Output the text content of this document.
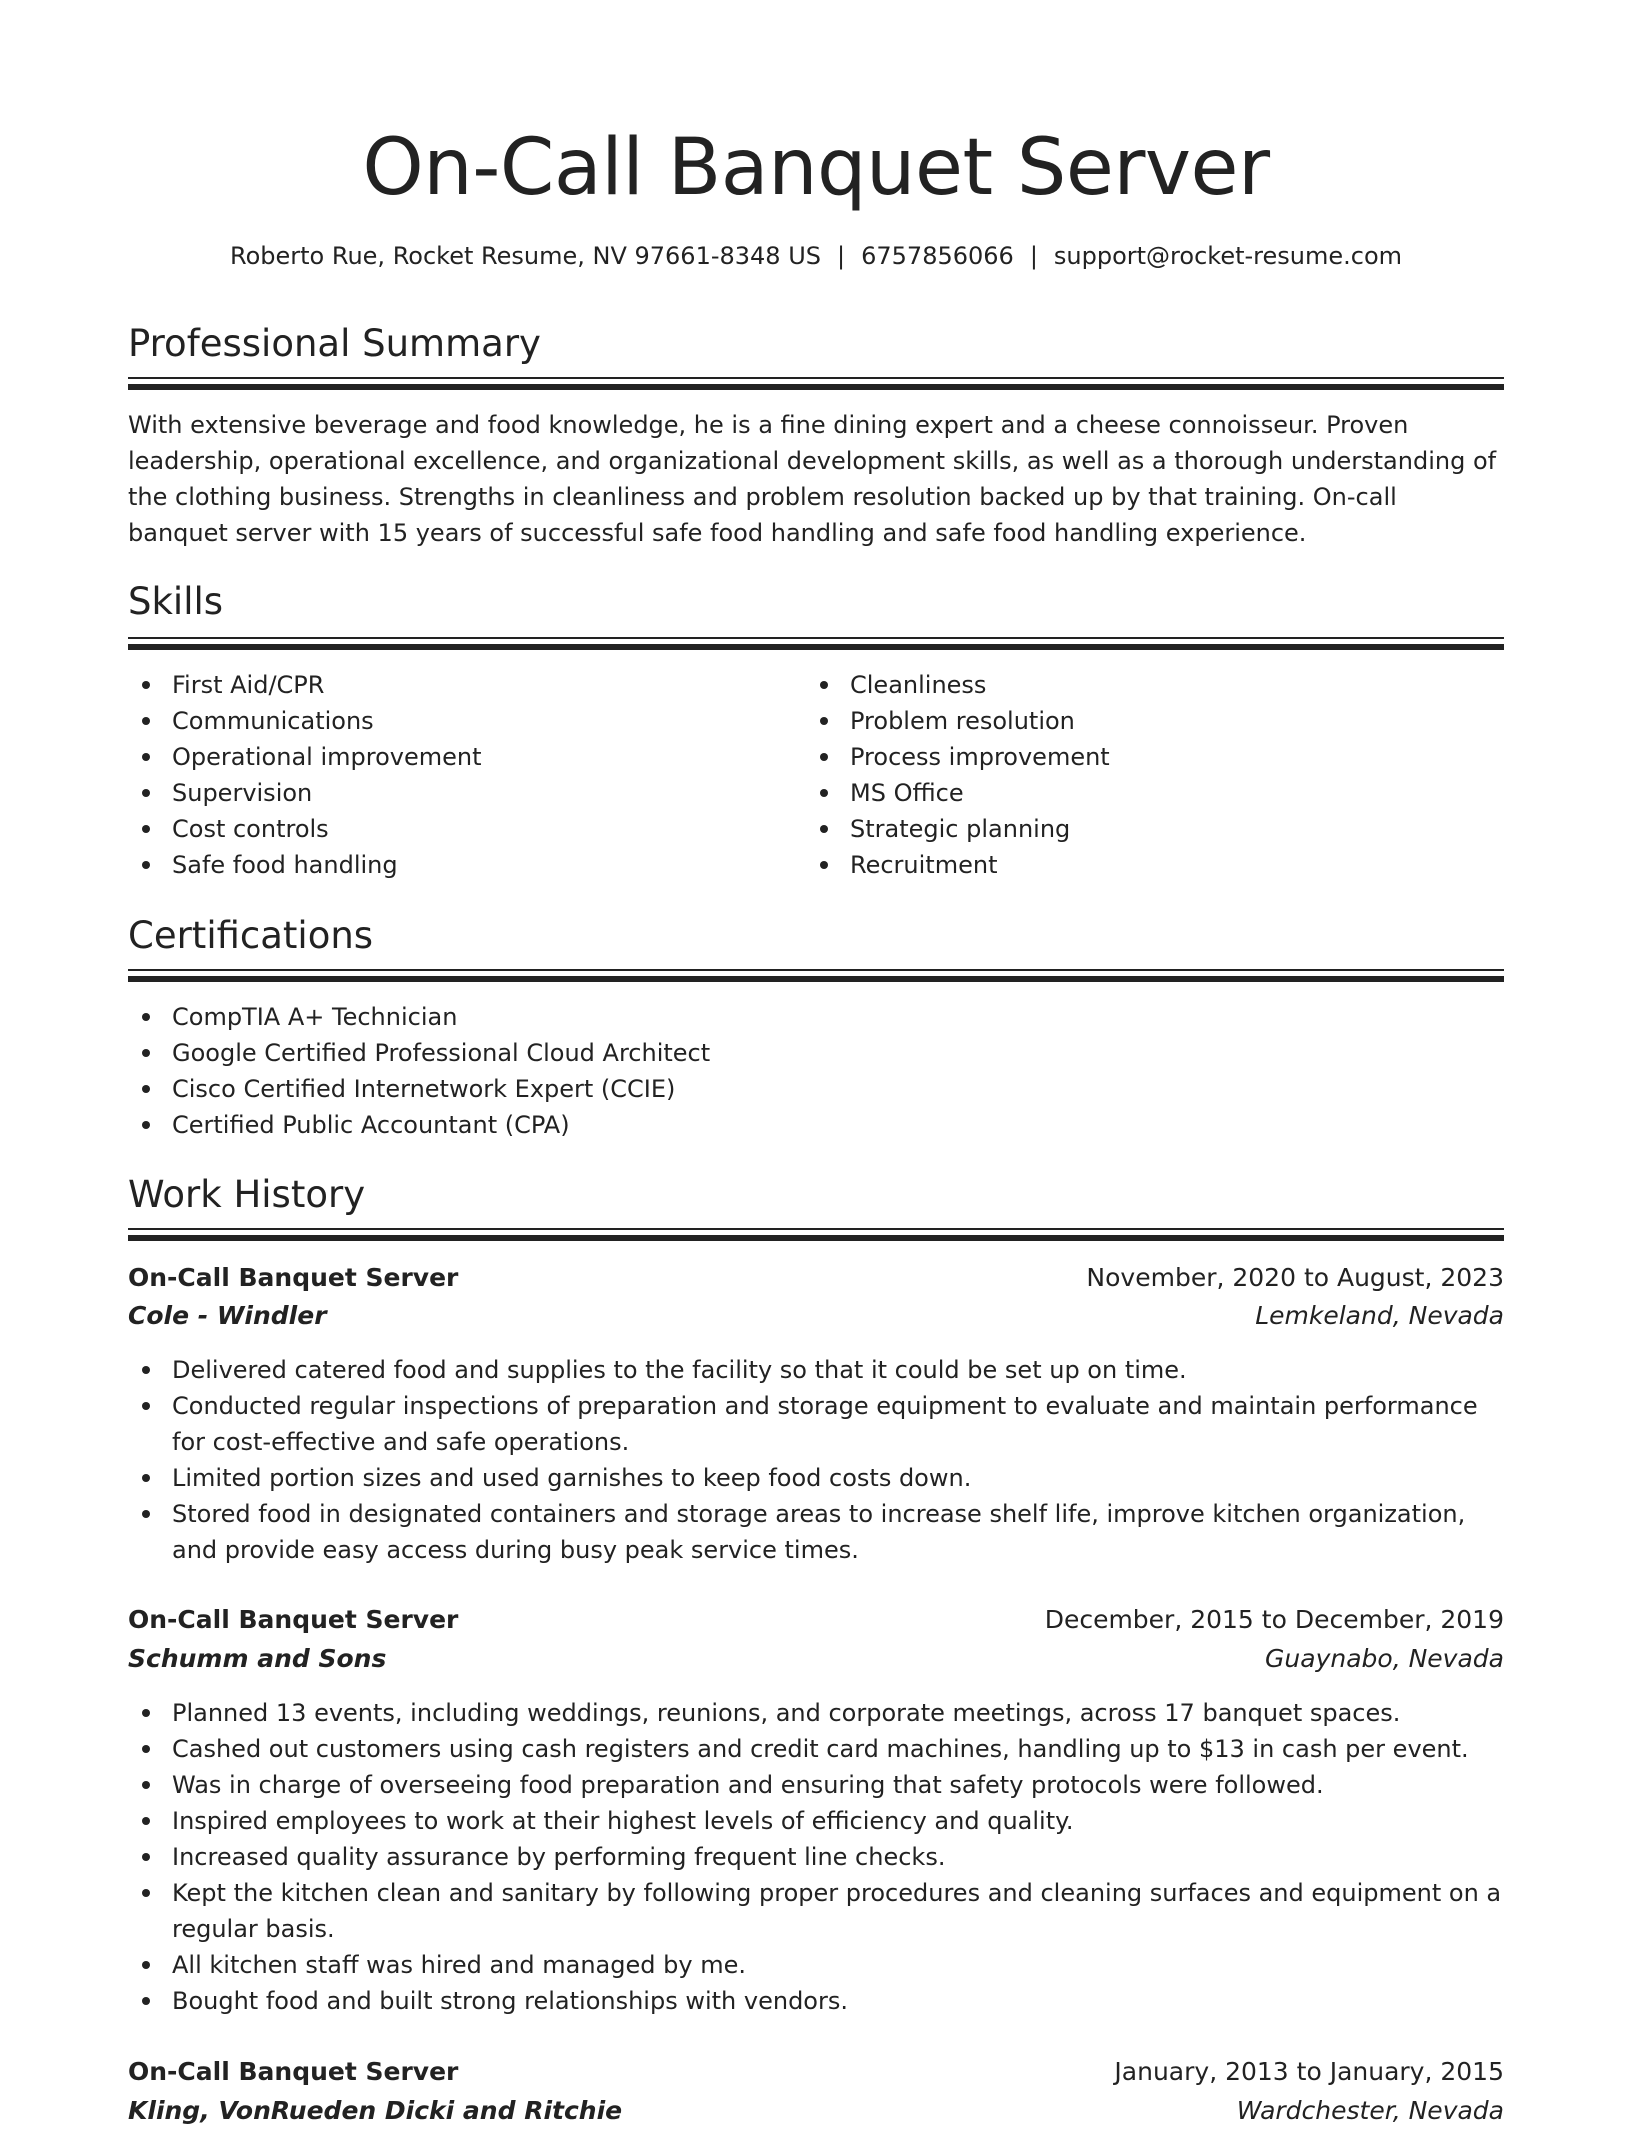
On-Call Banquet Server
Roberto Rue, Rocket Resume, NV 97661-8348 US | 6757856066 | support@rocket-resume.com
Professional Summary

With extensive beverage and food knowledge, he is a fine dining expert and a cheese connoisseur. Proven leadership, operational excellence, and organizational development skills, as well as a thorough understanding of the clothing business. Strengths in cleanliness and problem resolution backed up by that training. On-call banquet server with 15 years of successful safe food handling and safe food handling experience.

Skills
First Aid/CPR
Communications
Operational improvement
Supervision
Cost controls
Safe food handling
Cleanliness
Problem resolution
Process improvement
MS Office
Strategic planning
Recruitment
Certifications
CompTIA A+ Technician
Google Certified Professional Cloud Architect
Cisco Certified Internetwork Expert (CCIE)
Certified Public Accountant (CPA)
Work History
On-Call Banquet Server	November, 2020 to August, 2023
Cole - Windler	Lemkeland, Nevada
Delivered catered food and supplies to the facility so that it could be set up on time.
Conducted regular inspections of preparation and storage equipment to evaluate and maintain performance for cost-effective and safe operations.
Limited portion sizes and used garnishes to keep food costs down.
Stored food in designated containers and storage areas to increase shelf life, improve kitchen organization, and provide easy access during busy peak service times.
On-Call Banquet Server	December, 2015 to December, 2019
Schumm and Sons	Guaynabo, Nevada
Planned 13 events, including weddings, reunions, and corporate meetings, across 17 banquet spaces.
Cashed out customers using cash registers and credit card machines, handling up to $13 in cash per event.
Was in charge of overseeing food preparation and ensuring that safety protocols were followed.
Inspired employees to work at their highest levels of efficiency and quality.
Increased quality assurance by performing frequent line checks.
Kept the kitchen clean and sanitary by following proper procedures and cleaning surfaces and equipment on a regular basis.
All kitchen staff was hired and managed by me.
Bought food and built strong relationships with vendors.
On-Call Banquet Server	January, 2013 to January, 2015
Kling, VonRueden Dicki and Ritchie	Wardchester, Nevada
